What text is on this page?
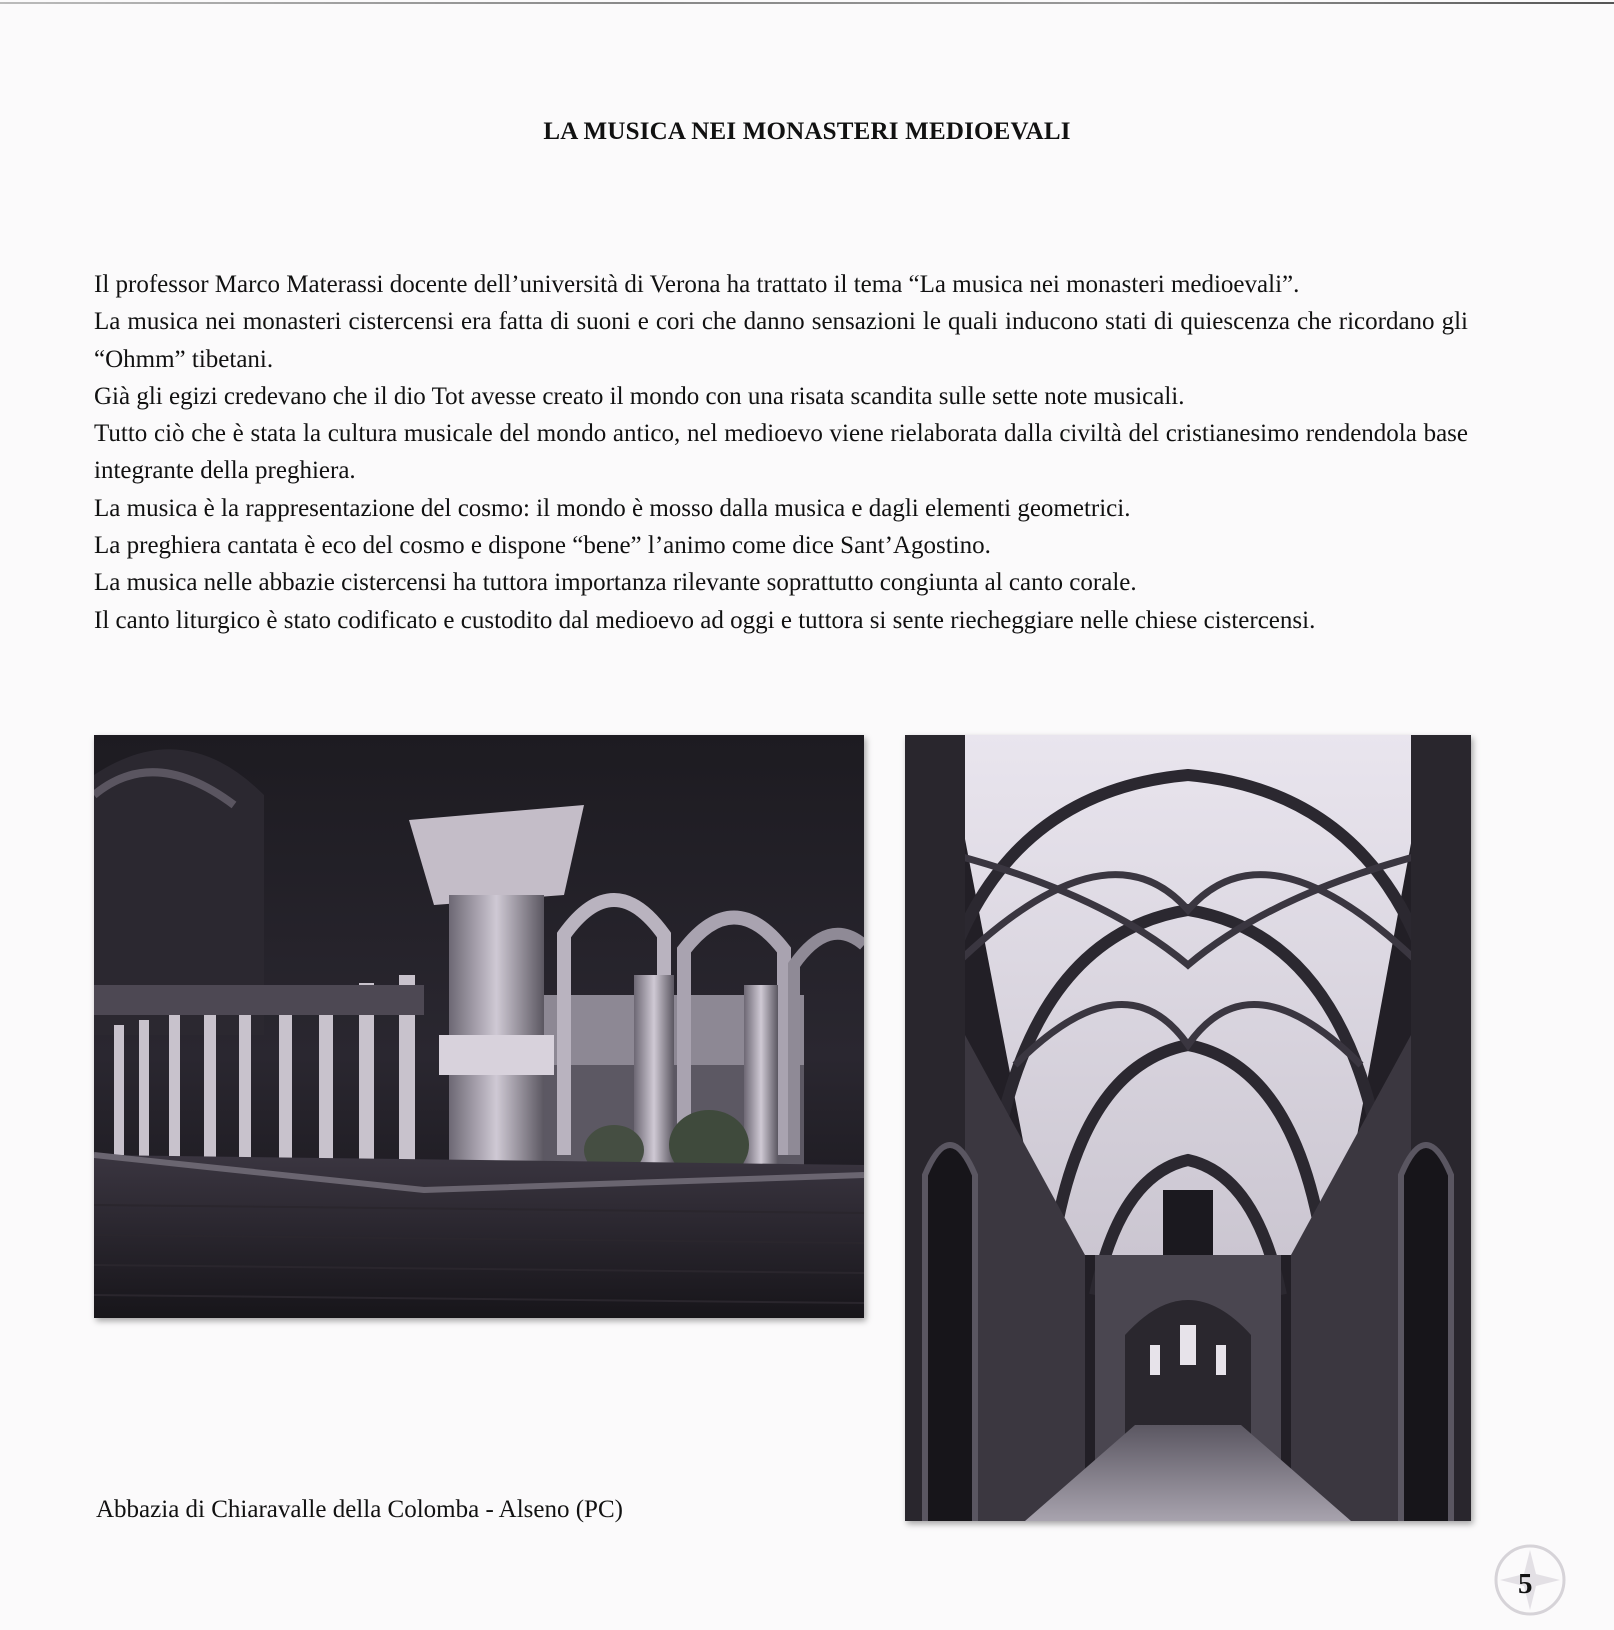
LA MUSICA NEI MONASTERI MEDIOEVALI

Il professor Marco Materassi docente dell’università di Verona ha trattato il tema “La musica nei monasteri medioevali”.

La musica nei monasteri cistercensi era fatta di suoni e cori che danno sensazioni le quali inducono stati di quiescenza che ricordano gli “Ohmm” tibetani.

Già gli egizi credevano che il dio Tot avesse creato il mondo con una risata scandita sulle sette note musicali.

Tutto ciò che è stata la cultura musicale del mondo antico, nel medioevo viene rielaborata dalla civiltà del cristianesimo rendendola base integrante della preghiera.

La musica è la rappresentazione del cosmo: il mondo è mosso dalla musica e dagli elementi geometrici.

La preghiera cantata è eco del cosmo e dispone “bene” l’animo come dice Sant’Agostino.

La musica nelle abbazie cistercensi ha tuttora importanza rilevante soprattutto congiunta al canto corale.

Il canto liturgico è stato codificato e custodito dal medioevo ad oggi e tuttora si sente riecheggiare nelle chiese cistercensi.

Abbazia di Chiaravalle della Colomba - Alseno (PC)
5
